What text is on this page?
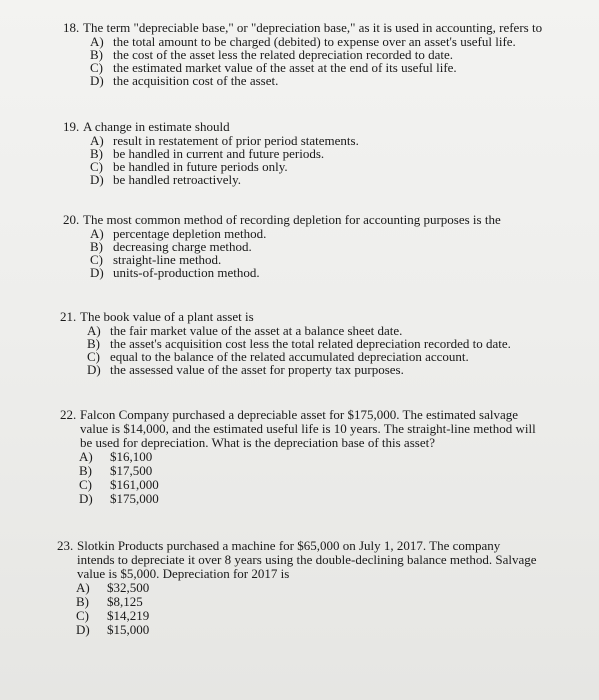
18. The term "depreciable base," or "depreciation base," as it is used in accounting, refers to
A) the total amount to be charged (debited) to expense over an asset's useful life.
B) the cost of the asset less the related depreciation recorded to date.
C) the estimated market value of the asset at the end of its useful life.
D) the acquisition cost of the asset.
19. A change in estimate should
A) result in restatement of prior period statements.
B) be handled in current and future periods.
C) be handled in future periods only.
D) be handled retroactively.
20. The most common method of recording depletion for accounting purposes is the
A) percentage depletion method.
B) decreasing charge method.
C) straight-line method.
D) units-of-production method.
21. The book value of a plant asset is
A) the fair market value of the asset at a balance sheet date.
B) the asset's acquisition cost less the total related depreciation recorded to date.
C) equal to the balance of the related accumulated depreciation account.
D) the assessed value of the asset for property tax purposes.
22. Falcon Company purchased a depreciable asset for $175,000. The estimated salvage
value is $14,000, and the estimated useful life is 10 years. The straight-line method will
be used for depreciation. What is the depreciation base of this asset?
A) $16,100
B) $17,500
C) $161,000
D) $175,000
23. Slotkin Products purchased a machine for $65,000 on July 1, 2017. The company
intends to depreciate it over 8 years using the double-declining balance method. Salvage
value is $5,000. Depreciation for 2017 is
A) $32,500
B) $8,125
C) $14,219
D) $15,000
